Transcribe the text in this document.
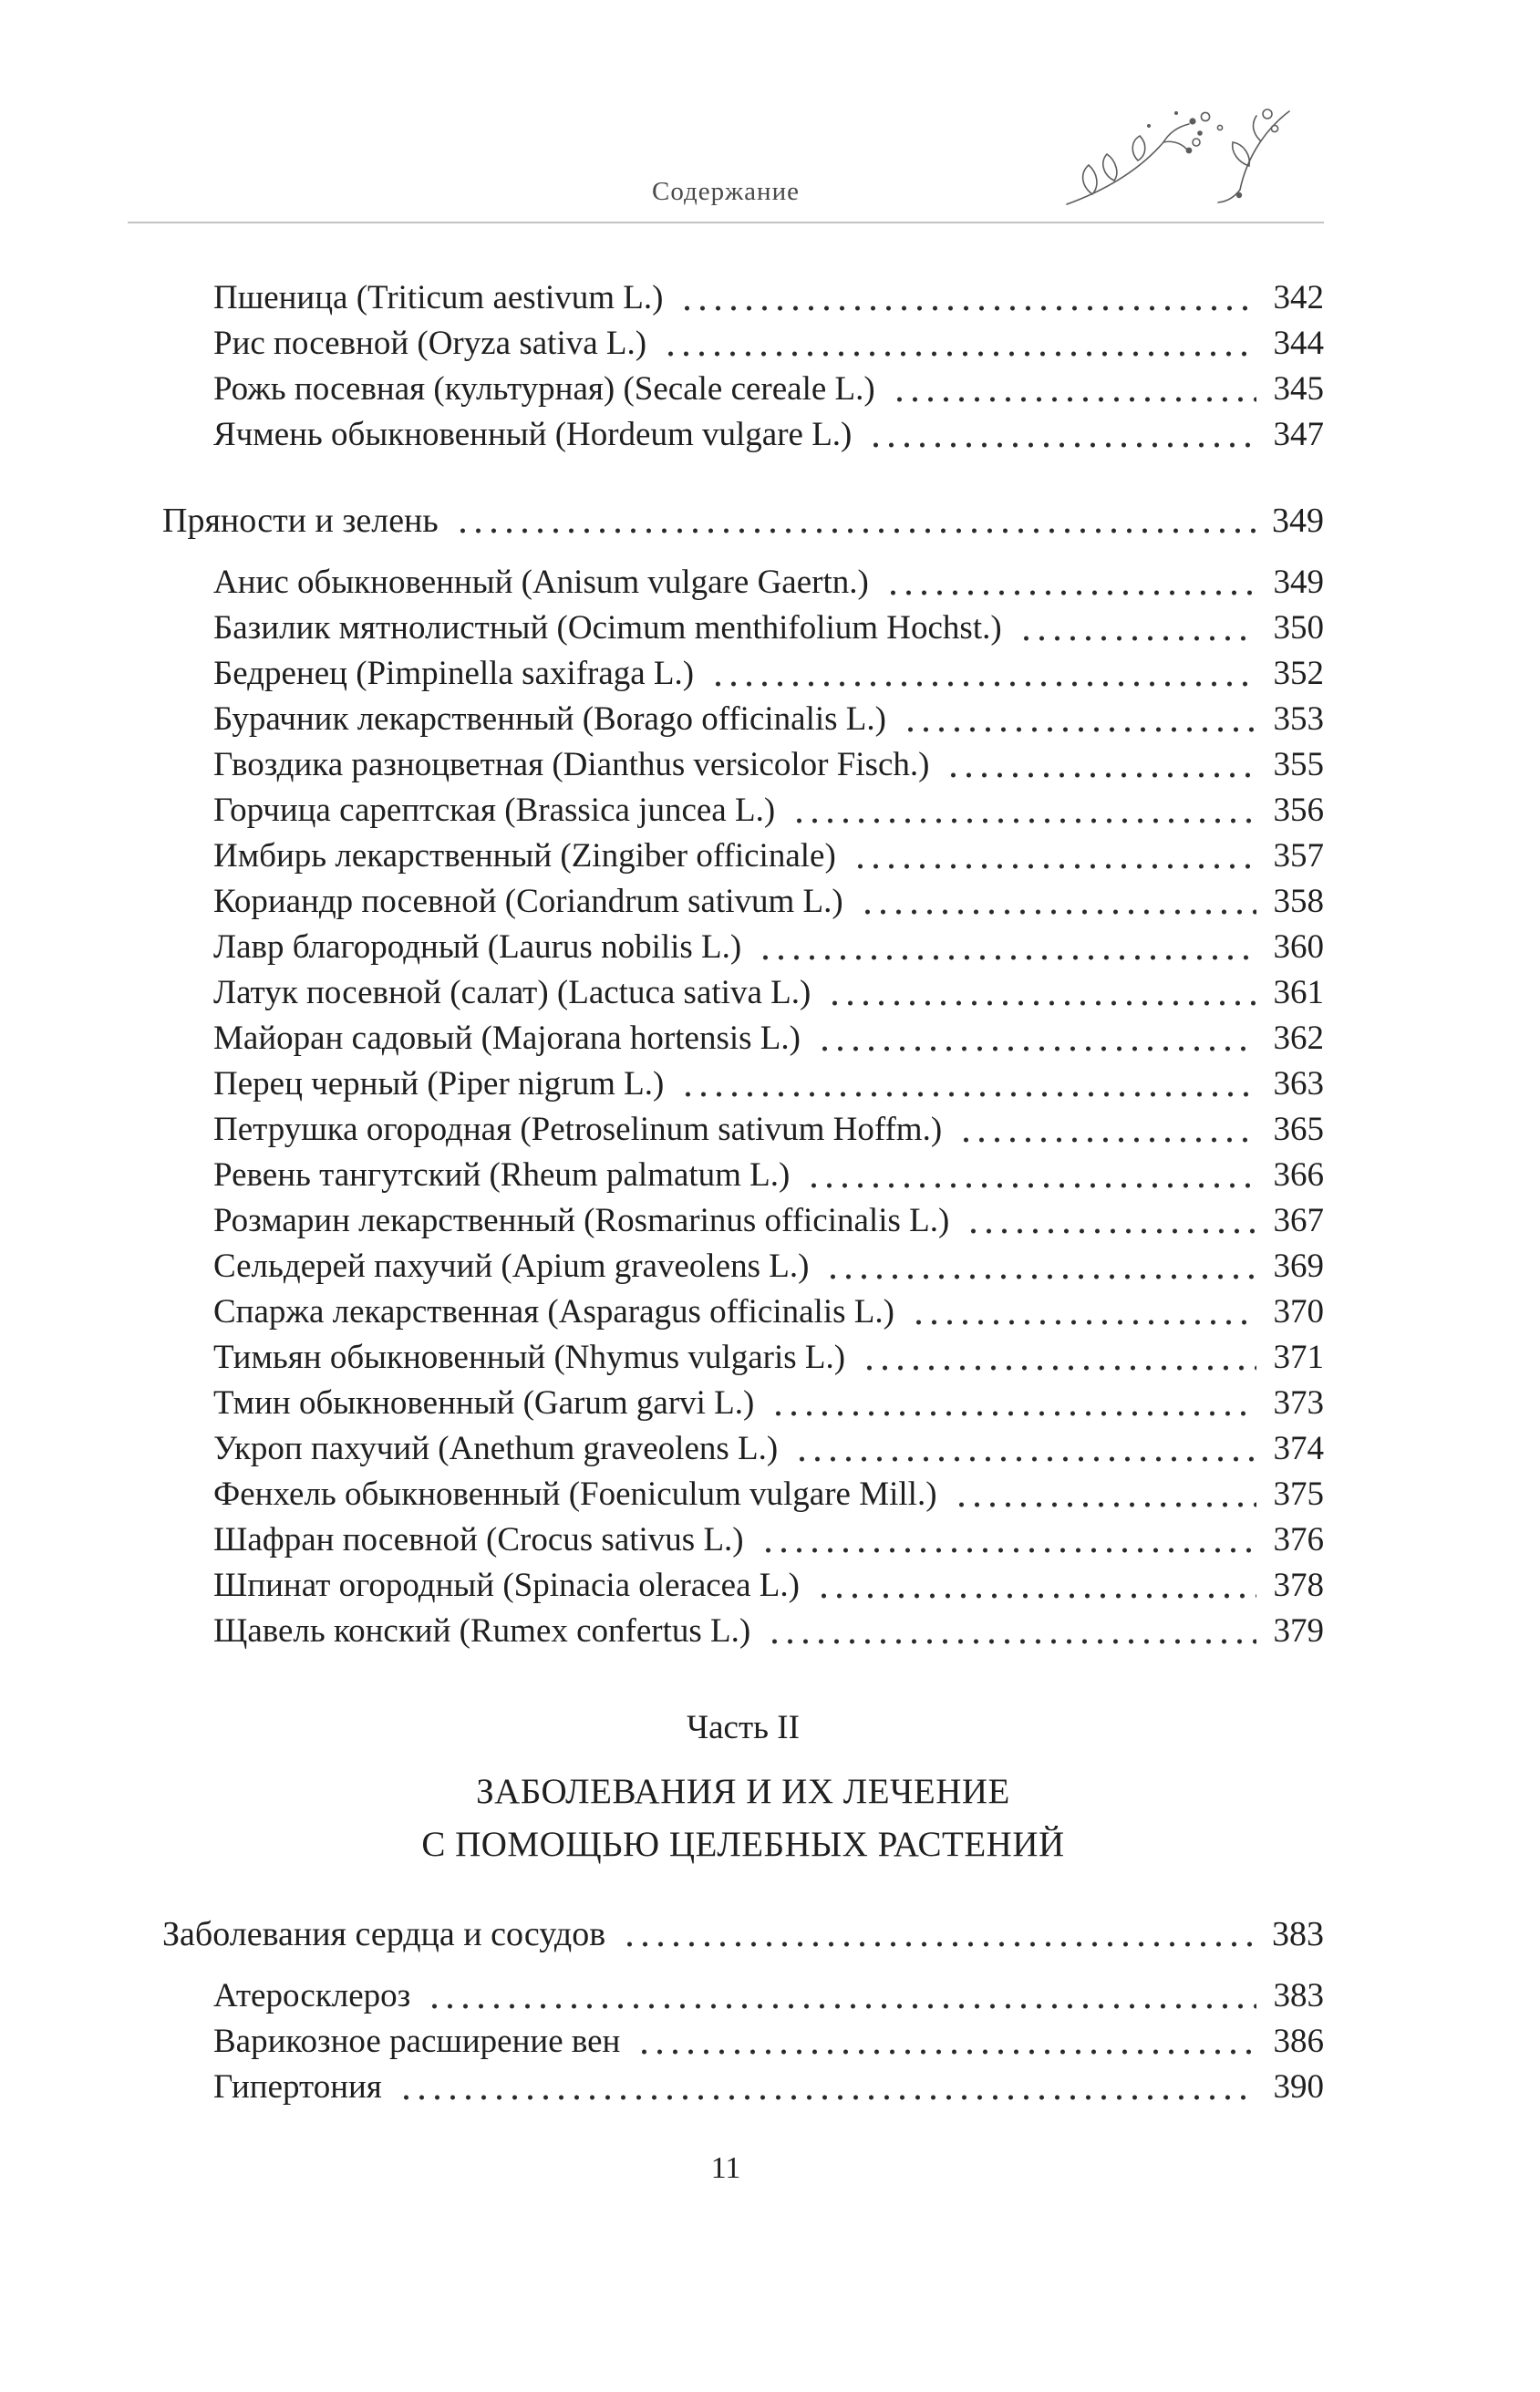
Содержание
Пшеница (Triticum aestivum L.)	342
Рис посевной (Oryza sativa L.)	344
Рожь посевная (культурная) (Secale cereale L.)	345
Ячмень обыкновенный (Hordeum vulgare L.)	347
Пряности и зелень	349
Анис обыкновенный (Anisum vulgare Gaertn.)	349
Базилик мятнолистный (Ocimum menthifolium Hochst.)	350
Бедренец (Pimpinella saxifraga L.)	352
Бурачник лекарственный (Borago officinalis L.)	353
Гвоздика разноцветная (Dianthus versicolor Fisch.)	355
Горчица сарептская (Brassica juncea L.)	356
Имбирь лекарственный (Zingiber officinale)	357
Кориандр посевной (Coriandrum sativum L.)	358
Лавр благородный (Laurus nobilis L.)	360
Латук посевной (салат) (Lactuca sativa L.)	361
Майоран садовый (Majorana hortensis L.)	362
Перец черный (Piper nigrum L.)	363
Петрушка огородная (Petroselinum sativum Hoffm.)	365
Ревень тангутский (Rheum palmatum L.)	366
Розмарин лекарственный (Rosmarinus officinalis L.)	367
Сельдерей пахучий (Apium graveolens L.)	369
Спаржа лекарственная (Asparagus officinalis L.)	370
Тимьян обыкновенный (Nhymus vulgaris L.)	371
Тмин обыкновенный (Garum garvi L.)	373
Укроп пахучий (Anethum graveolens L.)	374
Фенхель обыкновенный (Foeniculum vulgare Mill.)	375
Шафран посевной (Crocus sativus L.)	376
Шпинат огородный (Spinacia oleracea L.)	378
Щавель конский (Rumex confertus L.)	379
Часть II
ЗАБОЛЕВАНИЯ И ИХ ЛЕЧЕНИЕ
С ПОМОЩЬЮ ЦЕЛЕБНЫХ РАСТЕНИЙ
Заболевания сердца и сосудов	383
Атеросклероз	383
Варикозное расширение вен	386
Гипертония	390
11
